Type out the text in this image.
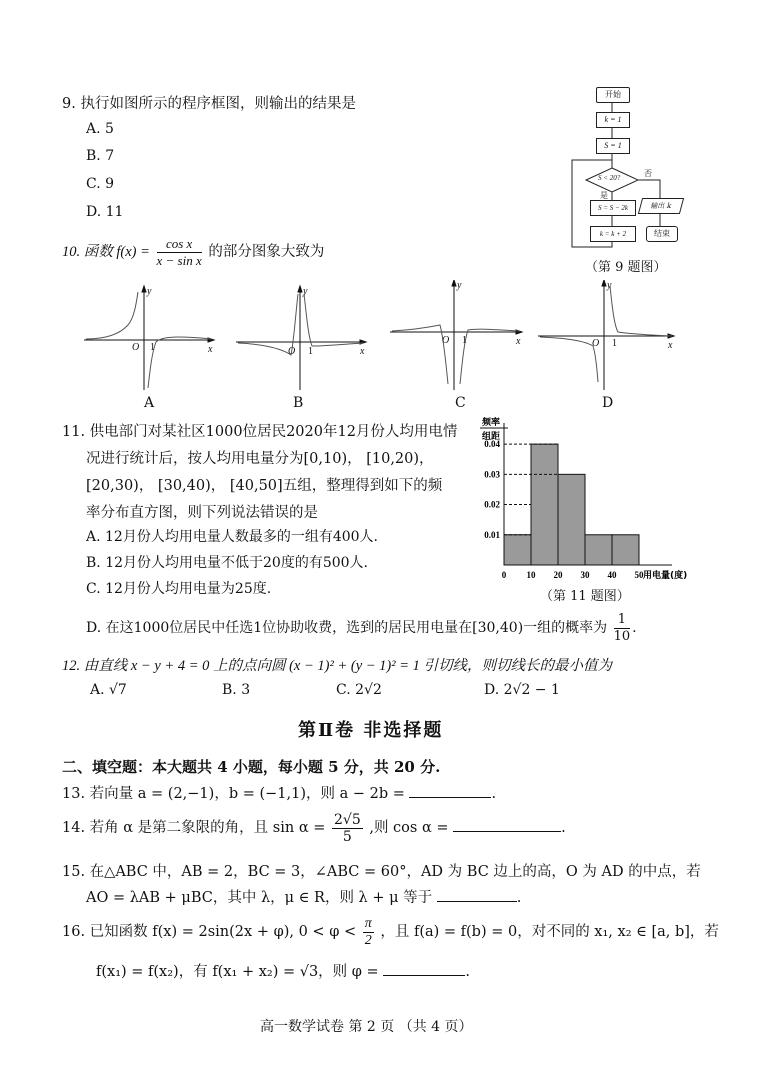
9. 执行如图所示的程序框图，则输出的结果是
A. 5
B. 7
C. 9
D. 11
开始
k = 1
S = 1
S < 20?
是
否
S = S − 2k
k = k + 2
输出 k
结束
（第 9 题图）
10. 函数 $f(x) = \frac{\text{cos x}}{\text{x − sin x}}$ 的部分图象大致为
O 1	x
y
O 1	x
y
O 1	x
y
O 1	x
y
A	B	C	D
11. 供电部门对某社区1000位居民2020年12月份人均用电情
况进行统计后，按人均用电量分为[0,10)， [10,20)，
[20,30)， [30,40)， [40,50]五组，整理得到如下的频
率分布直方图，则下列说法错误的是
A. 12月份人均用电量人数最多的一组有400人.
B. 12月份人均用电量不低于20度的有500人.
C. 12月份人均用电量为25度.
D. 在这1000位居民中任选1位协助收费，选到的居民用电量在[30,40)一组的概率为 $\frac{1}{10}$ .
0.01
0.02
0.03
0.04
0 10 20 30 40 50 用电量(度)
频率
组距
（第 11 题图）
12. 由直线 x − y + 4 = 0 上的点向圆 (x − 1)² + (y − 1)² = 1 引切线，则切线长的最小值为
A. √7	B. 3	C. 2√2	D. 2√2 − 1
第Ⅱ卷 非选择题
二、填空题：本大题共 4 小题，每小题 5 分，共 20 分.
13. 若向量 a = (2,−1)，b = (−1,1)，则 a − 2b =	.
14. 若角 α 是第二象限的角，且 $\sin \alpha = \frac{2√5}{5}$ ,则 cos α =	.
15. 在△ABC 中，AB = 2，BC = 3，∠ABC = 60°，AD 为 BC 边上的高，O 为 AD 的中点，若
AO = λAB + μBC，其中 λ，μ ∈ R，则 λ + μ 等于	.
16. 已知函数 f(x) = 2sin(2x + φ), $0 < \varphi < \frac{\pi}{2}$ ，且 f(a) = f(b) = 0，对不同的 x₁, x₂ ∈ [a, b]，若
f(x₁) = f(x₂)，有 f(x₁ + x₂) = √3，则 φ =	.
高一数学试卷 第 2 页 （共 4 页）
